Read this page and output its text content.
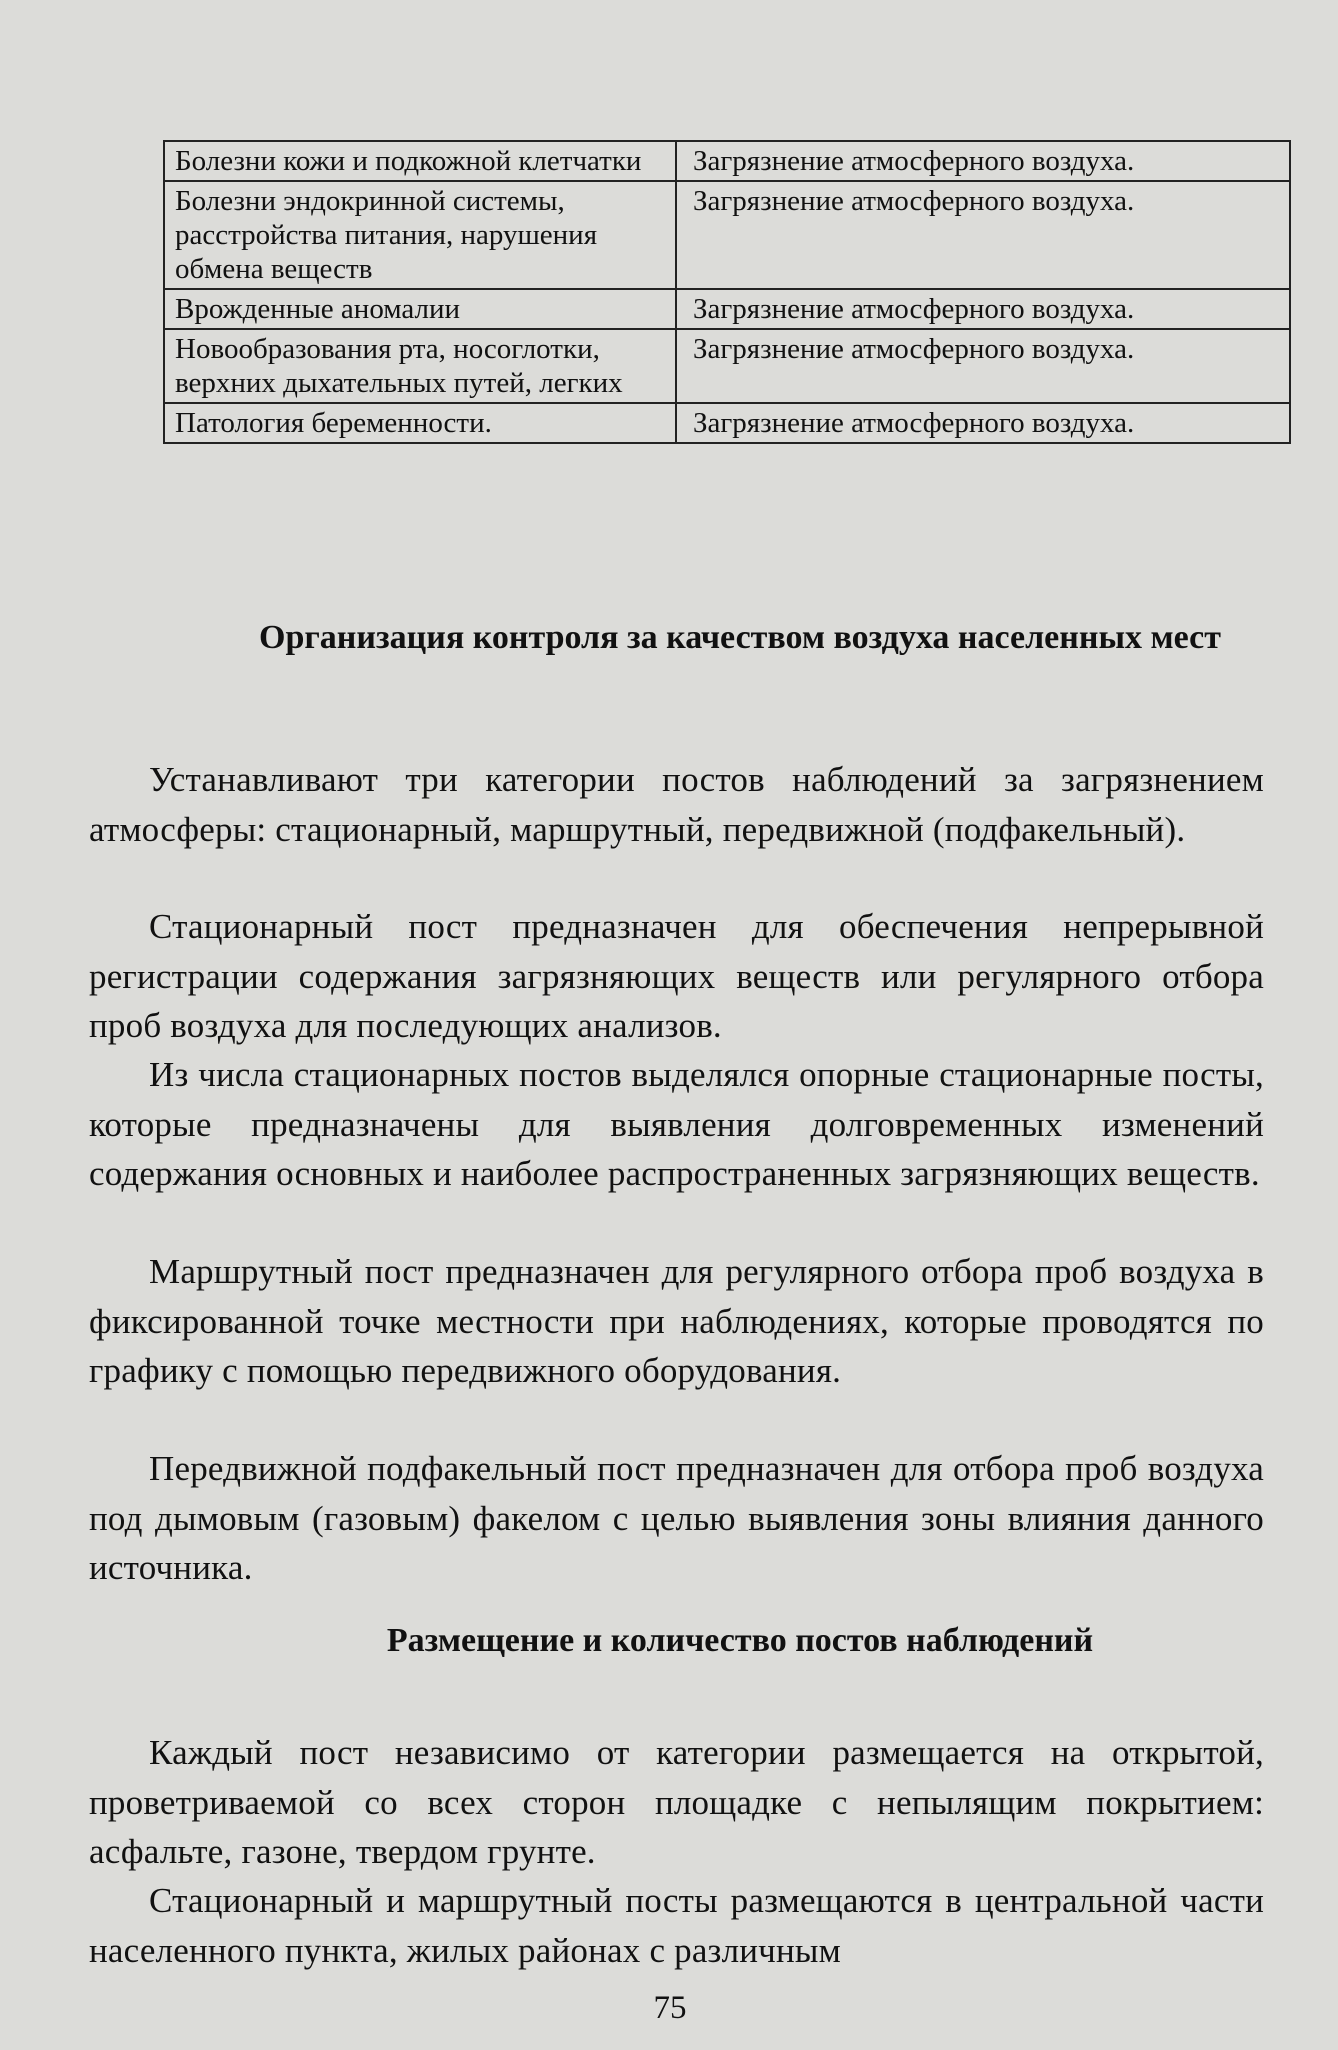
Болезни кожи и подкожной клетчатки	Загрязнение атмосферного воздуха.
Болезни эндокринной системы, расстройства питания, нарушения обмена веществ	Загрязнение атмосферного воздуха.
Врожденные аномалии	Загрязнение атмосферного воздуха.
Новообразования рта, носоглотки, верхних дыхательных путей, легких	Загрязнение атмосферного воздуха.
Патология беременности.	Загрязнение атмосферного воздуха.
Организация контроля за качеством воздуха населенных мест

Устанавливают три категории постов наблюдений за загрязнением атмосферы: стационарный, маршрутный, передвижной (подфакельный).

Стационарный пост предназначен для обеспечения непрерывной регистрации содержания загрязняющих веществ или регулярного отбора проб воздуха для последующих анализов.

Из числа стационарных постов выделялся опорные стационарные посты, которые предназначены для выявления долговременных изменений содержания основных и наиболее распространенных загрязняющих веществ.

Маршрутный пост предназначен для регулярного отбора проб воздуха в фиксированной точке местности при наблюдениях, которые проводятся по графику с помощью передвижного оборудования.

Передвижной подфакельный пост предназначен для отбора проб воздуха под дымовым (газовым) факелом с целью выявления зоны влияния данного источника.

Размещение и количество постов наблюдений

Каждый пост независимо от категории размещается на открытой, проветриваемой со всех сторон площадке с непылящим покрытием: асфальте, газоне, твердом грунте.

Стационарный и маршрутный посты размещаются в центральной части населенного пункта, жилых районах с различным

75
